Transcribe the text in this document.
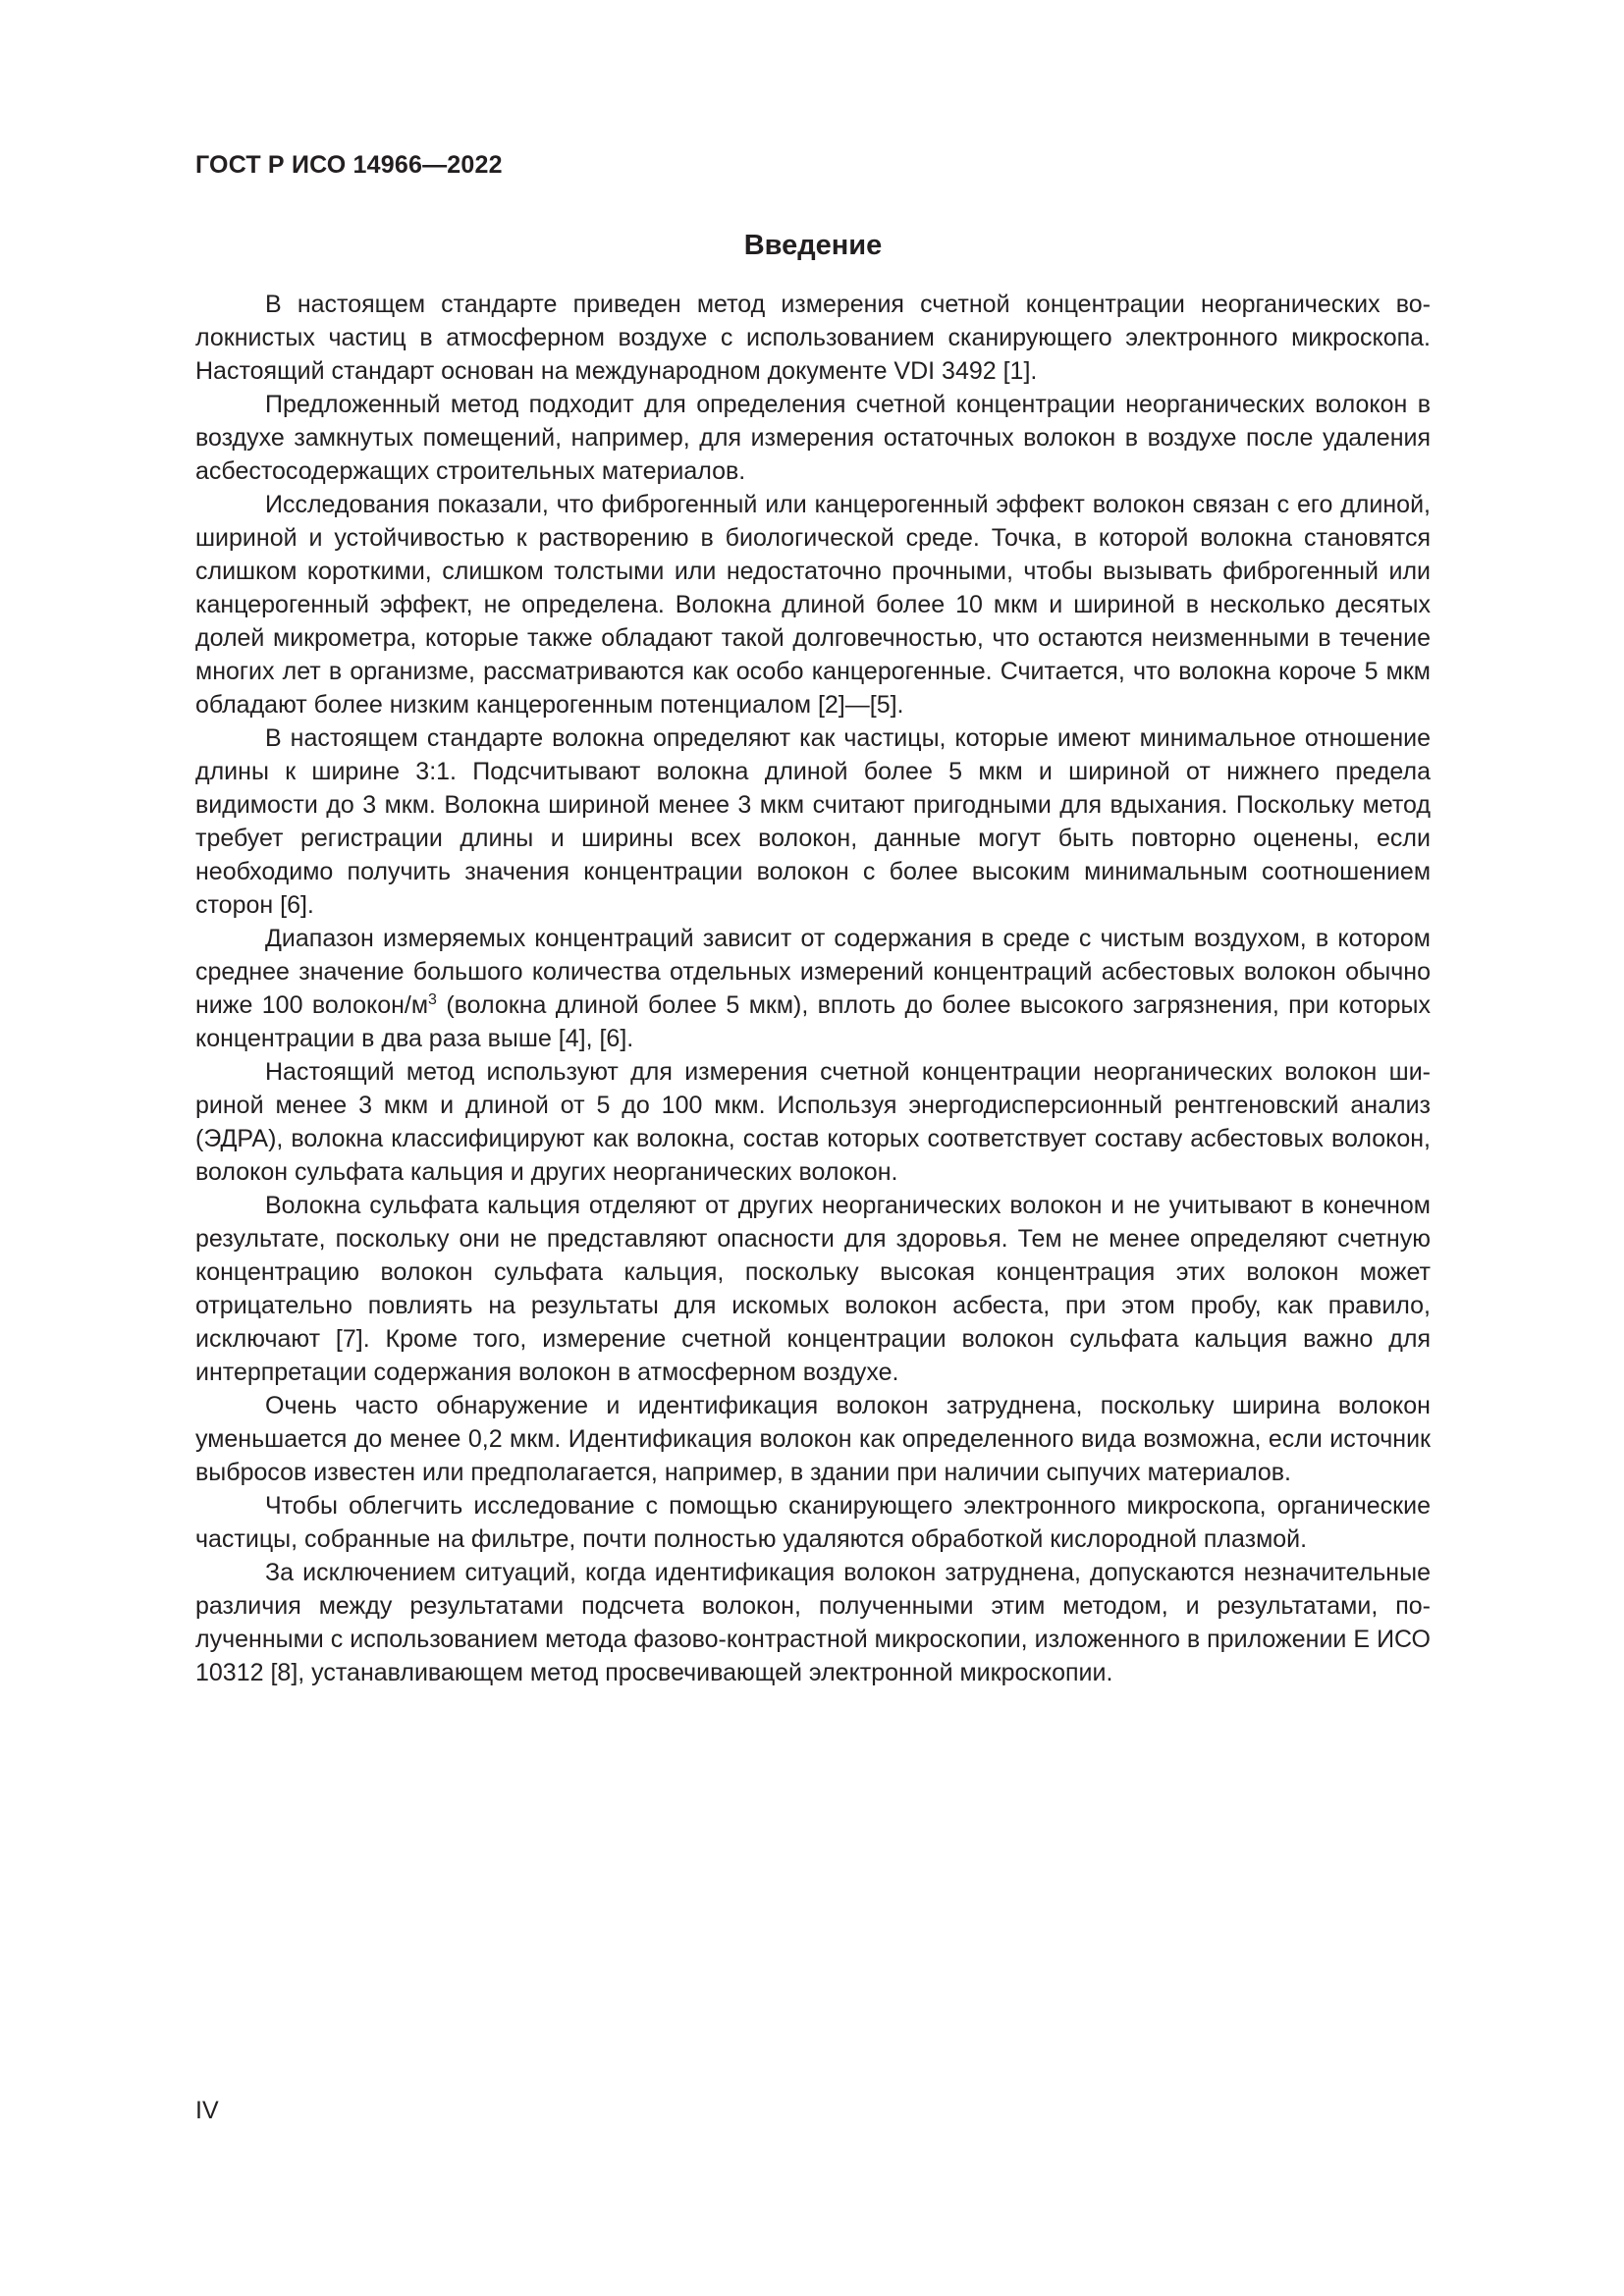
ГОСТ Р ИСО 14966—2022
Введение

В настоящем стандарте приведен метод измерения счетной концентрации неорганических волокнистых частиц в атмосферном воздухе с использованием сканирующего электронного микроскопа. Настоящий стандарт основан на международном документе VDI 3492 [1].

Предложенный метод подходит для определения счетной концентрации неорганических волокон в воздухе замкнутых помещений, например, для измерения остаточных волокон в воздухе после удаления асбестосодержащих строительных материалов.

Исследования показали, что фиброгенный или канцерогенный эффект волокон связан с его длиной, шириной и устойчивостью к растворению в биологической среде. Точка, в которой волокна становятся слишком короткими, слишком толстыми или недостаточно прочными, чтобы вызывать фиброгенный или канцерогенный эффект, не определена. Волокна длиной более 10 мкм и шириной в несколько десятых долей микрометра, которые также обладают такой долговечностью, что остаются неизменными в течение многих лет в организме, рассматриваются как особо канцерогенные. Считается, что волокна короче 5 мкм обладают более низким канцерогенным потенциалом [2]—[5].

В настоящем стандарте волокна определяют как частицы, которые имеют минимальное отношение длины к ширине 3:1. Подсчитывают волокна длиной более 5 мкм и шириной от нижнего предела видимости до 3 мкм. Волокна шириной менее 3 мкм считают пригодными для вдыхания. Поскольку метод требует регистрации длины и ширины всех волокон, данные могут быть повторно оценены, если необходимо получить значения концентрации волокон с более высоким минимальным соотношением сторон [6].

Диапазон измеряемых концентраций зависит от содержания в среде с чистым воздухом, в котором среднее значение большого количества отдельных измерений концентраций асбестовых волокон обычно ниже 100 волокон/$м^3$ (волокна длиной более 5 мкм), вплоть до более высокого загрязнения, при которых концентрации в два раза выше [4], [6].

Настоящий метод используют для измерения счетной концентрации неорганических волокон шириной менее 3 мкм и длиной от 5 до 100 мкм. Используя энергодисперсионный рентгеновский анализ (ЭДРА), волокна классифицируют как волокна, состав которых соответствует составу асбестовых волокон, волокон сульфата кальция и других неорганических волокон.

Волокна сульфата кальция отделяют от других неорганических волокон и не учитывают в конечном результате, поскольку они не представляют опасности для здоровья. Тем не менее определяют счетную концентрацию волокон сульфата кальция, поскольку высокая концентрация этих волокон может отрицательно повлиять на результаты для искомых волокон асбеста, при этом пробу, как правило, исключают [7]. Кроме того, измерение счетной концентрации волокон сульфата кальция важно для интерпретации содержания волокон в атмосферном воздухе.

Очень часто обнаружение и идентификация волокон затруднена, поскольку ширина волокон уменьшается до менее 0,2 мкм. Идентификация волокон как определенного вида возможна, если источник выбросов известен или предполагается, например, в здании при наличии сыпучих материалов.

Чтобы облегчить исследование с помощью сканирующего электронного микроскопа, органические частицы, собранные на фильтре, почти полностью удаляются обработкой кислородной плазмой.

За исключением ситуаций, когда идентификация волокон затруднена, допускаются незначительные различия между результатами подсчета волокон, полученными этим методом, и результатами, полученными с использованием метода фазово-контрастной микроскопии, изложенного в приложении Е ИСО 10312 [8], устанавливающем метод просвечивающей электронной микроскопии.

IV
